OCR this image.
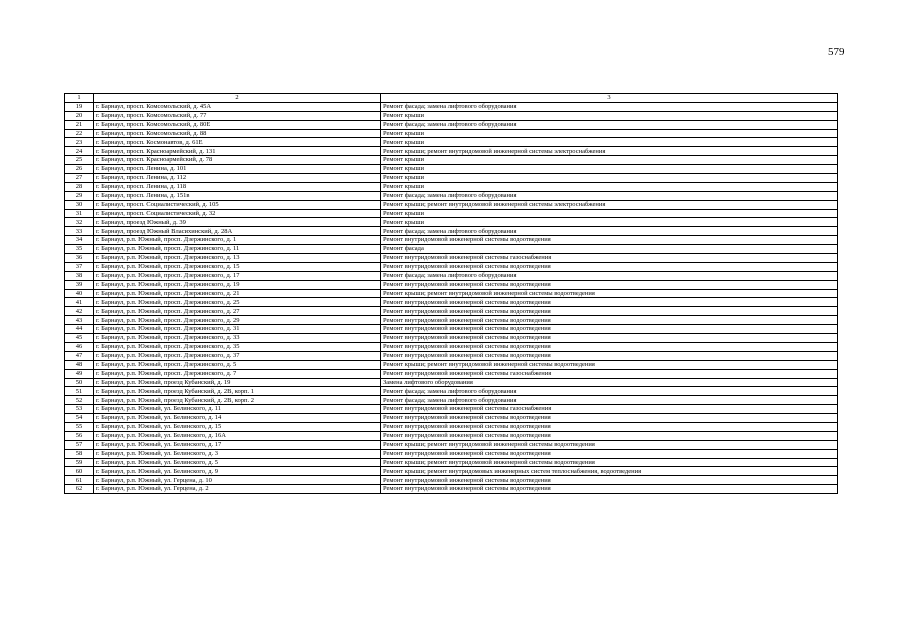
579
1	2	3
19	г. Барнаул, просп. Комсомольский, д. 45А	Ремонт фасада; замена лифтового оборудования
20	г. Барнаул, просп. Комсомольский, д. 77	Ремонт крыши
21	г. Барнаул, просп. Комсомольский, д. 80Е	Ремонт фасада; замена лифтового оборудования
22	г. Барнаул, просп. Комсомольский, д. 88	Ремонт крыши
23	г. Барнаул, просп. Космонавтов, д. 61Е	Ремонт крыши
24	г. Барнаул, просп. Красноармейский, д. 131	Ремонт крыши; ремонт внутридомовой инженерной системы электроснабжения
25	г. Барнаул, просп. Красноармейский, д. 78	Ремонт крыши
26	г. Барнаул, просп. Ленина, д. 101	Ремонт крыши
27	г. Барнаул, просп. Ленина, д. 112	Ремонт крыши
28	г. Барнаул, просп. Ленина, д. 118	Ремонт крыши
29	г. Барнаул, просп. Ленина, д. 151в	Ремонт фасада; замена лифтового оборудования
30	г. Барнаул, просп. Социалистический, д. 105	Ремонт крыши; ремонт внутридомовой инженерной системы электроснабжения
31	г. Барнаул, просп. Социалистический, д. 32	Ремонт крыши
32	г. Барнаул, проезд Южный, д. 39	Ремонт крыши
33	г. Барнаул, проезд Южный Власихинский, д. 28А	Ремонт фасада; замена лифтового оборудования
34	г. Барнаул, р.п. Южный, просп. Дзержинского, д. 1	Ремонт внутридомовой инженерной системы водоотведения
35	г. Барнаул, р.п. Южный, просп. Дзержинского, д. 11	Ремонт фасада
36	г. Барнаул, р.п. Южный, просп. Дзержинского, д. 13	Ремонт внутридомовой инженерной системы газоснабжения
37	г. Барнаул, р.п. Южный, просп. Дзержинского, д. 15	Ремонт внутридомовой инженерной системы водоотведения
38	г. Барнаул, р.п. Южный, просп. Дзержинского, д. 17	Ремонт фасада; замена лифтового оборудования
39	г. Барнаул, р.п. Южный, просп. Дзержинского, д. 19	Ремонт внутридомовой инженерной системы водоотведения
40	г. Барнаул, р.п. Южный, просп. Дзержинского, д. 21	Ремонт крыши; ремонт внутридомовой инженерной системы водоотведения
41	г. Барнаул, р.п. Южный, просп. Дзержинского, д. 25	Ремонт внутридомовой инженерной системы водоотведения
42	г. Барнаул, р.п. Южный, просп. Дзержинского, д. 27	Ремонт внутридомовой инженерной системы водоотведения
43	г. Барнаул, р.п. Южный, просп. Дзержинского, д. 29	Ремонт внутридомовой инженерной системы водоотведения
44	г. Барнаул, р.п. Южный, просп. Дзержинского, д. 31	Ремонт внутридомовой инженерной системы водоотведения
45	г. Барнаул, р.п. Южный, просп. Дзержинского, д. 33	Ремонт внутридомовой инженерной системы водоотведения
46	г. Барнаул, р.п. Южный, просп. Дзержинского, д. 35	Ремонт внутридомовой инженерной системы водоотведения
47	г. Барнаул, р.п. Южный, просп. Дзержинского, д. 37	Ремонт внутридомовой инженерной системы водоотведения
48	г. Барнаул, р.п. Южный, просп. Дзержинского, д. 5	Ремонт крыши; ремонт внутридомовой инженерной системы водоотведения
49	г. Барнаул, р.п. Южный, просп. Дзержинского, д. 7	Ремонт внутридомовой инженерной системы газоснабжения
50	г. Барнаул, р.п. Южный, проезд Кубанский, д. 19	Замена лифтового оборудования
51	г. Барнаул, р.п. Южный, проезд Кубанский, д. 2В, корп. 1	Ремонт фасада; замена лифтового оборудования
52	г. Барнаул, р.п. Южный, проезд Кубанский, д. 2В, корп. 2	Ремонт фасада; замена лифтового оборудования
53	г. Барнаул, р.п. Южный, ул. Белинского, д. 11	Ремонт внутридомовой инженерной системы газоснабжения
54	г. Барнаул, р.п. Южный, ул. Белинского, д. 14	Ремонт внутридомовой инженерной системы водоотведения
55	г. Барнаул, р.п. Южный, ул. Белинского, д. 15	Ремонт внутридомовой инженерной системы водоотведения
56	г. Барнаул, р.п. Южный, ул. Белинского, д. 16А	Ремонт внутридомовой инженерной системы водоотведения
57	г. Барнаул, р.п. Южный, ул. Белинского, д. 17	Ремонт крыши; ремонт внутридомовой инженерной системы водоотведения
58	г. Барнаул, р.п. Южный, ул. Белинского, д. 3	Ремонт внутридомовой инженерной системы водоотведения
59	г. Барнаул, р.п. Южный, ул. Белинского, д. 5	Ремонт крыши; ремонт внутридомовой инженерной системы водоотведения
60	г. Барнаул, р.п. Южный, ул. Белинского, д. 9	Ремонт крыши; ремонт внутридомовых инженерных систем теплоснабжения, водоотведения
61	г. Барнаул, р.п. Южный, ул. Герцена, д. 10	Ремонт внутридомовой инженерной системы водоотведения
62	г. Барнаул, р.п. Южный, ул. Герцена, д. 2	Ремонт внутридомовой инженерной системы водоотведения
